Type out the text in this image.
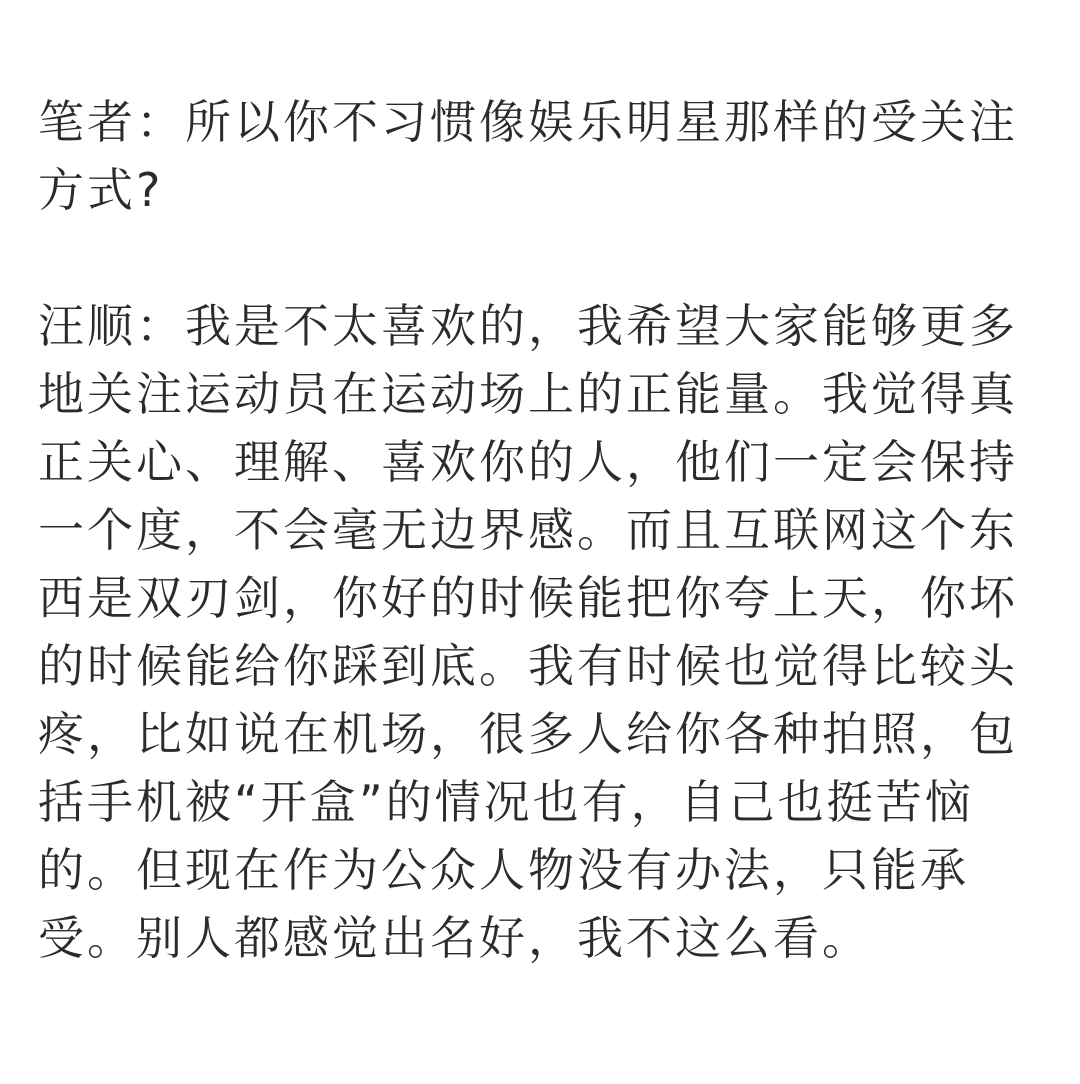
笔者：所以你不习惯像娱乐明星那样的受关注方式?

汪顺：我是不太喜欢的，我希望大家能够更多地关注运动员在运动场上的正能量。我觉得真正关心、理解、喜欢你的人，他们一定会保持一个度，不会毫无边界感。而且互联网这个东西是双刃剑，你好的时候能把你夸上天，你坏的时候能给你踩到底。我有时候也觉得比较头疼，比如说在机场，很多人给你各种拍照，包括手机被“开盒”的情况也有，自己也挺苦恼的。但现在作为公众人物没有办法，只能承受。别人都感觉出名好，我不这么看。
